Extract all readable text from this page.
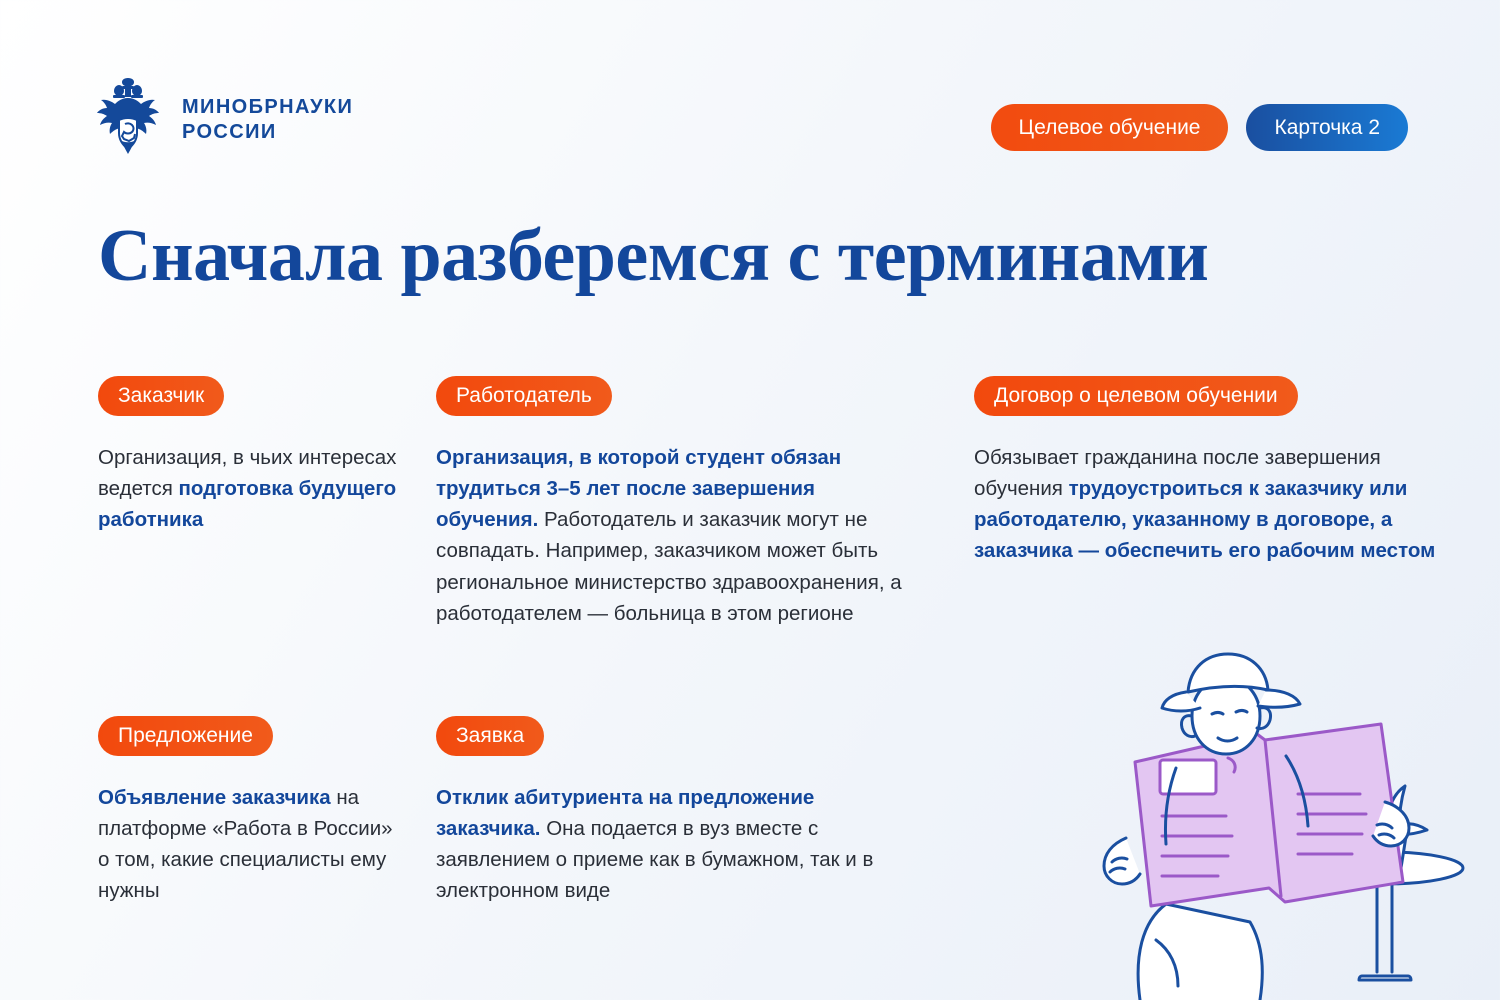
МИНОБРНАУКИ
РОССИИ	Целевое обучение	Карточка 2
Сначала разберемся с терминами
Заказчик
Организация, в чьих интересах ведется подготовка будущего работника
Предложение
Объявление заказчика на платформе «Работа в России» о том, какие специалисты ему нужны
Работодатель
Организация, в которой студент обязан трудиться 3–5 лет после завершения обучения. Работодатель и заказчик могут не совпадать. Например, заказчиком может быть региональное министерство здравоохранения, а работодателем — больница в этом регионе
Заявка
Отклик абитуриента на предложение заказчика. Она подается в вуз вместе с заявлением о приеме как в бумажном, так и в электронном виде
Договор о целевом обучении
Обязывает гражданина после завершения обучения трудоустроиться к заказчику или работодателю, указанному в договоре, а заказчика — обеспечить его рабочим местом
